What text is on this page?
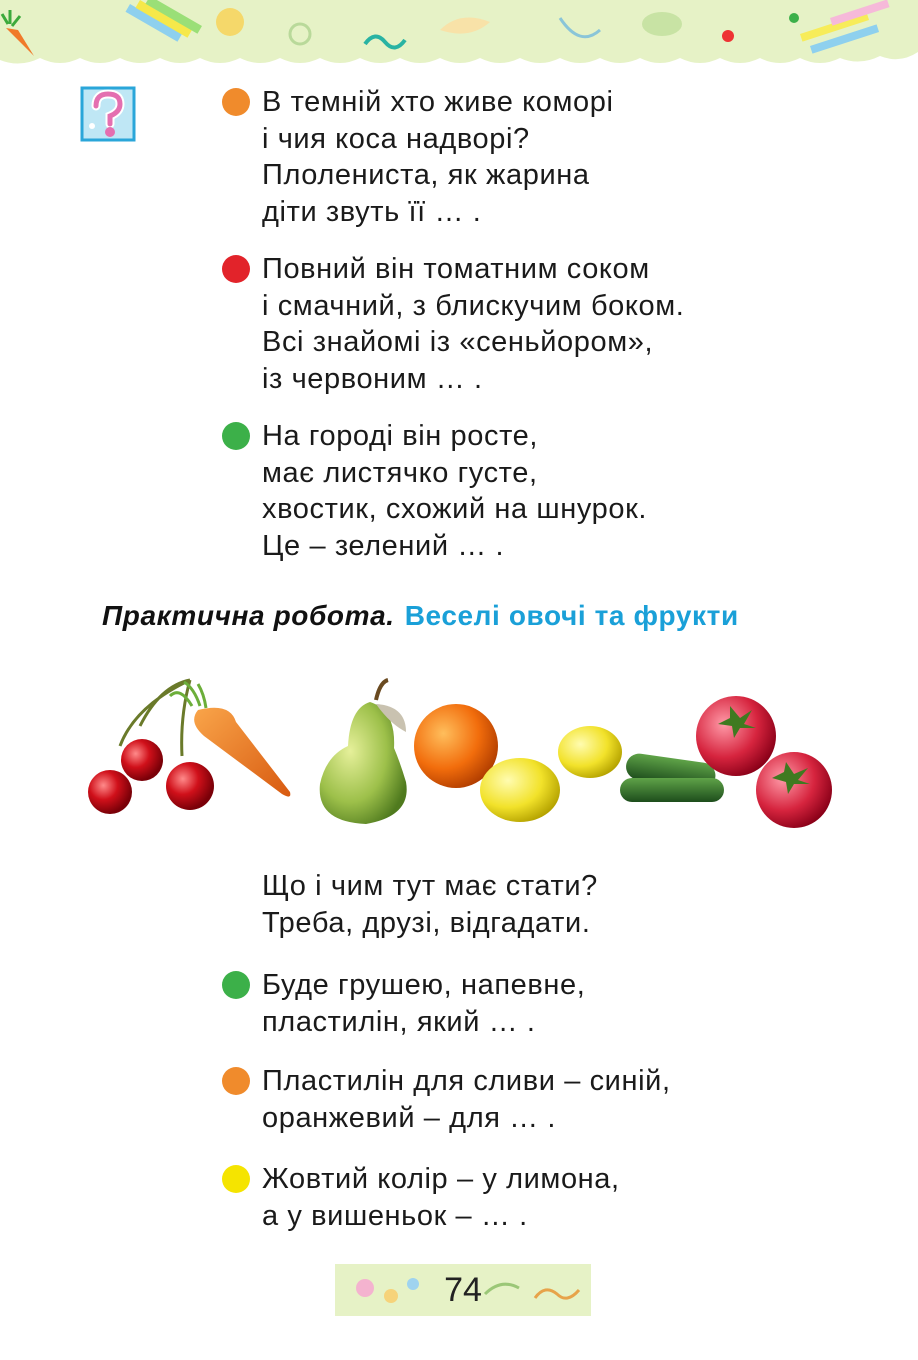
В темній хто живе коморі
і чия коса надворі?
Плолениста, як жарина
діти звуть її … .
Повний він томатним соком
і смачний, з блискучим боком.
Всі знайомі із «сеньйором»,
із червоним … .
На городі він росте,
має листячко густе,
хвостик, схожий на шнурок.
Це – зелений … .
Практична робота. Веселі овочі та фрукти
Що і чим тут має стати?
Треба, друзі, відгадати.
Буде грушею, напевне,
пластилін, який … .
Пластилін для сливи – синій,
оранжевий – для … .
Жовтий колір – у лимона,
а у вишеньок – … .
74
